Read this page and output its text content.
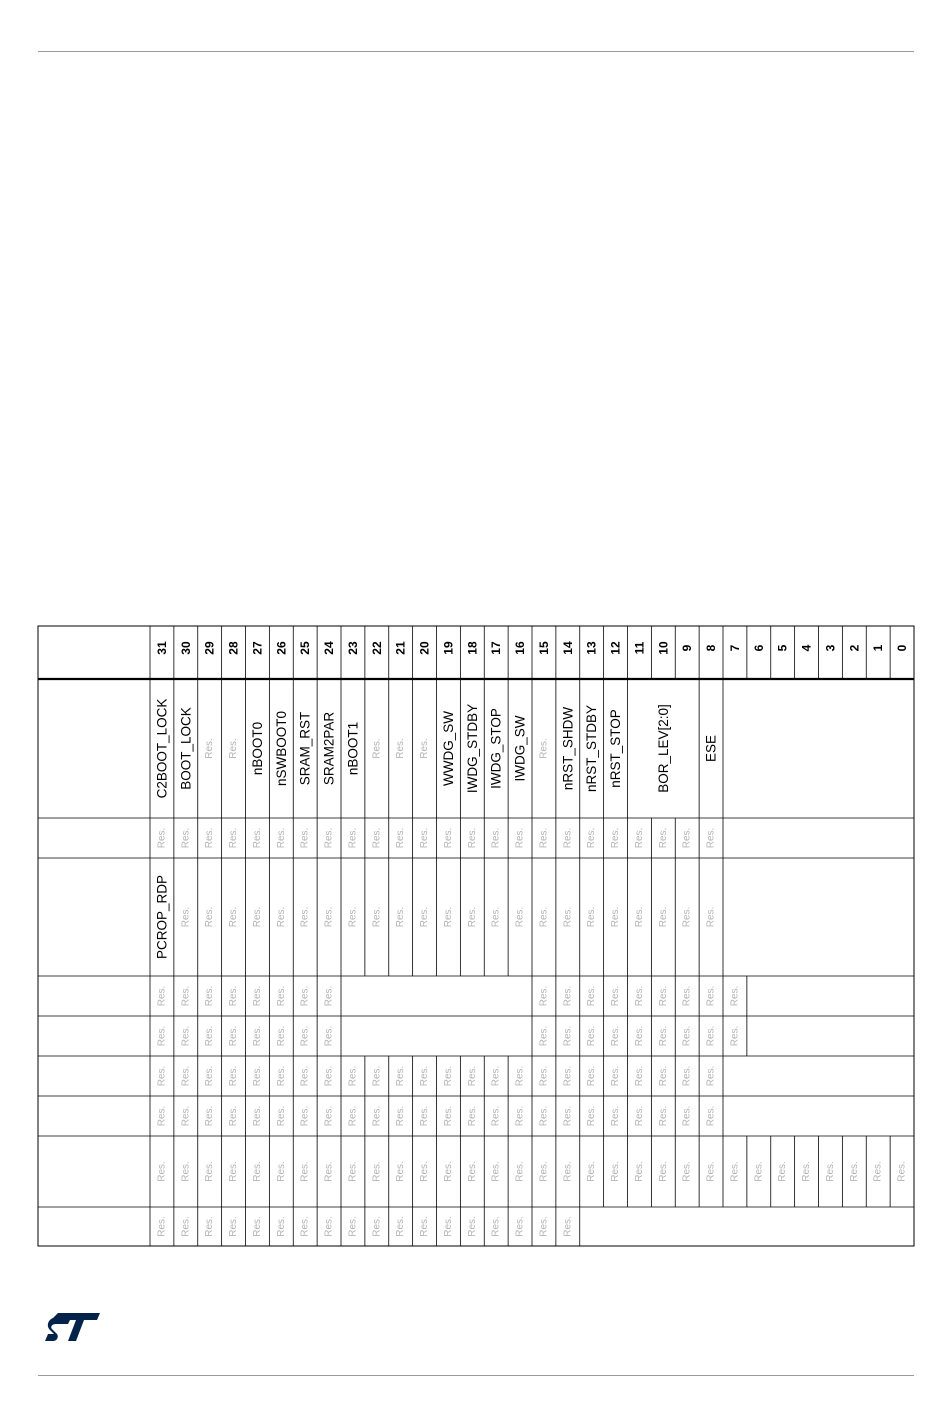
31 30 29 28 27 26 25 24 23 22 21 20 19 18 17 16 15 14 13 12 11 10 9 8 7 6 5 4 3 2 1 0
C2BOOT_LOCK BOOT_LOCK Res. Res. nBOOT0 nSWBOOT0 SRAM_RST SRAM2PAR nBOOT1 Res. Res. Res. WWDG_SW IWDG_STDBY IWDG_STOP IWDG_SW Res. nRST_SHDW nRST_STDBY nRST_STOP BOR_LEV[2:0] ESE
Res. Res. Res. Res. Res. Res. Res. Res. Res. Res. Res. Res. Res. Res. Res. Res. Res. Res. Res. Res. Res. Res. Res. Res.
PCROP_RDP Res. Res. Res. Res. Res. Res. Res. Res. Res. Res. Res. Res. Res. Res. Res. Res. Res. Res. Res. Res. Res. Res. Res.
Res. Res. Res. Res. Res. Res. Res. Res.	Res. Res. Res. Res. Res. Res. Res. Res. Res.
Res. Res. Res. Res. Res. Res. Res. Res.	Res. Res. Res. Res. Res. Res. Res. Res. Res.
Res. Res. Res. Res. Res. Res. Res. Res. Res. Res. Res. Res. Res. Res. Res. Res. Res. Res. Res. Res. Res. Res. Res. Res.
Res. Res. Res. Res. Res. Res. Res. Res. Res. Res. Res. Res. Res. Res. Res. Res. Res. Res. Res. Res. Res. Res. Res. Res.
Res. Res. Res. Res. Res. Res. Res. Res. Res. Res. Res. Res. Res. Res. Res. Res. Res. Res. Res. Res. Res. Res. Res. Res. Res. Res. Res. Res. Res. Res. Res. Res.
Res. Res. Res. Res. Res. Res. Res. Res. Res. Res. Res. Res. Res. Res. Res. Res. Res. Res.
